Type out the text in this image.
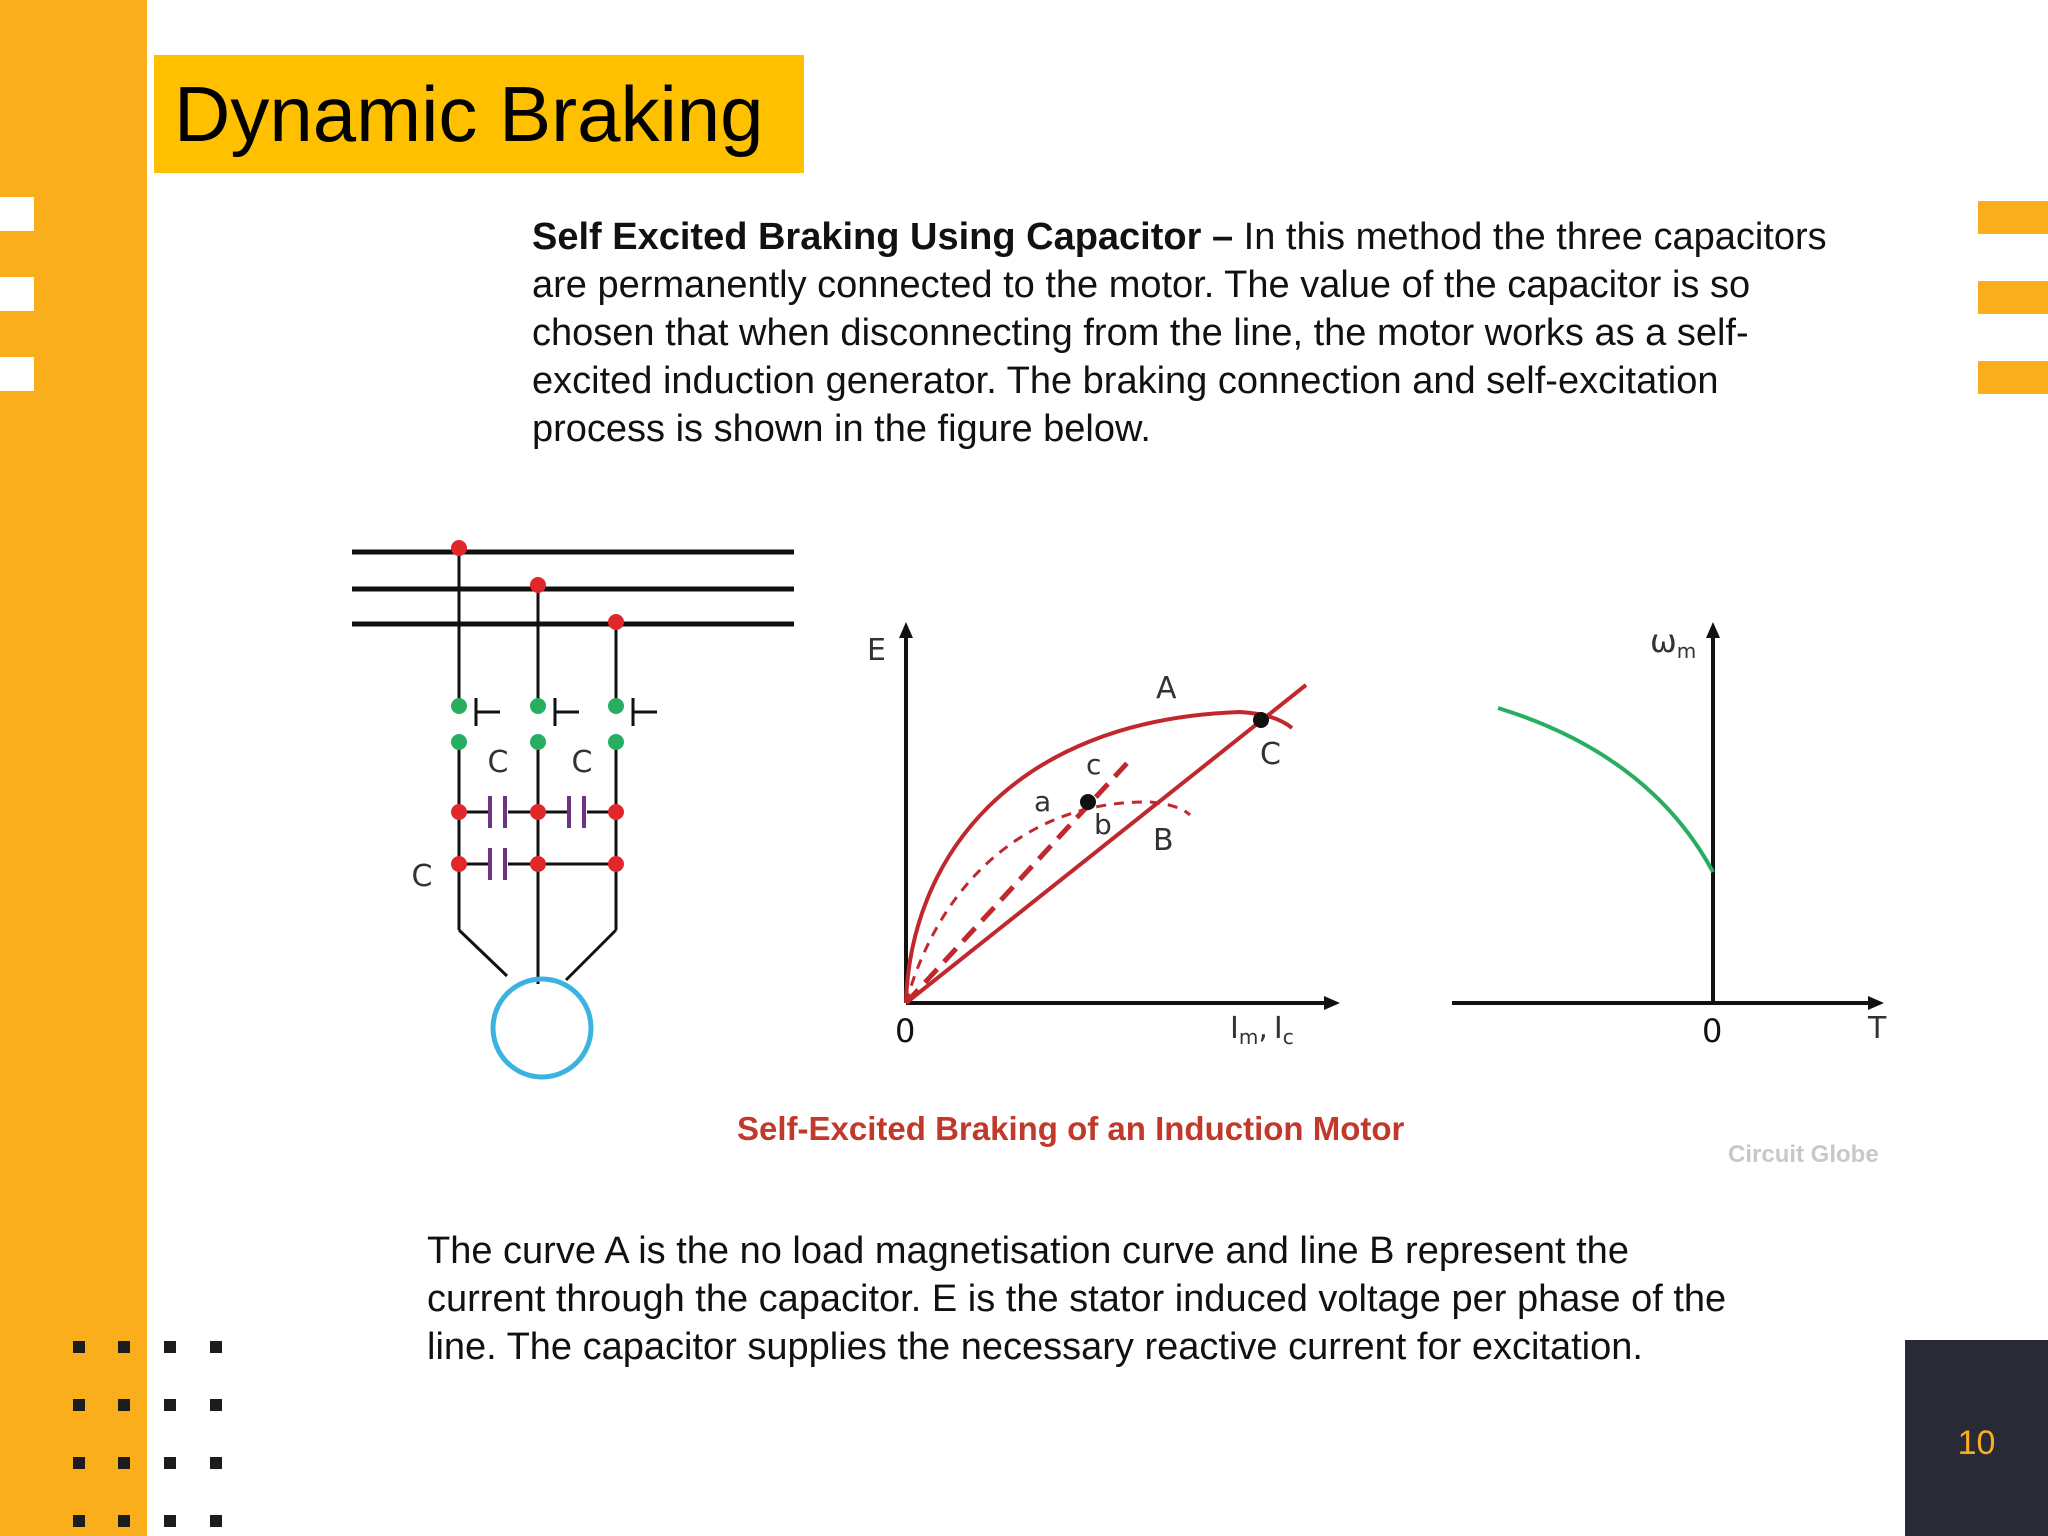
Dynamic Braking
Self Excited Braking Using Capacitor – In this method the three capacitors are permanently connected to the motor. The value of the capacitor is so chosen that when disconnecting from the line, the motor works as a self-excited induction generator. The braking connection and self-excitation process is shown in the figure below.
C C
C
E
0
A
B
C
a
b
c
$I_m$, $I_c$
ωm
0	T
Self-Excited Braking of an Induction Motor
Circuit Globe
The curve A is the no load magnetisation curve and line B represent the current through the capacitor. E is the stator induced voltage per phase of the line. The capacitor supplies the necessary reactive current for excitation.
10
